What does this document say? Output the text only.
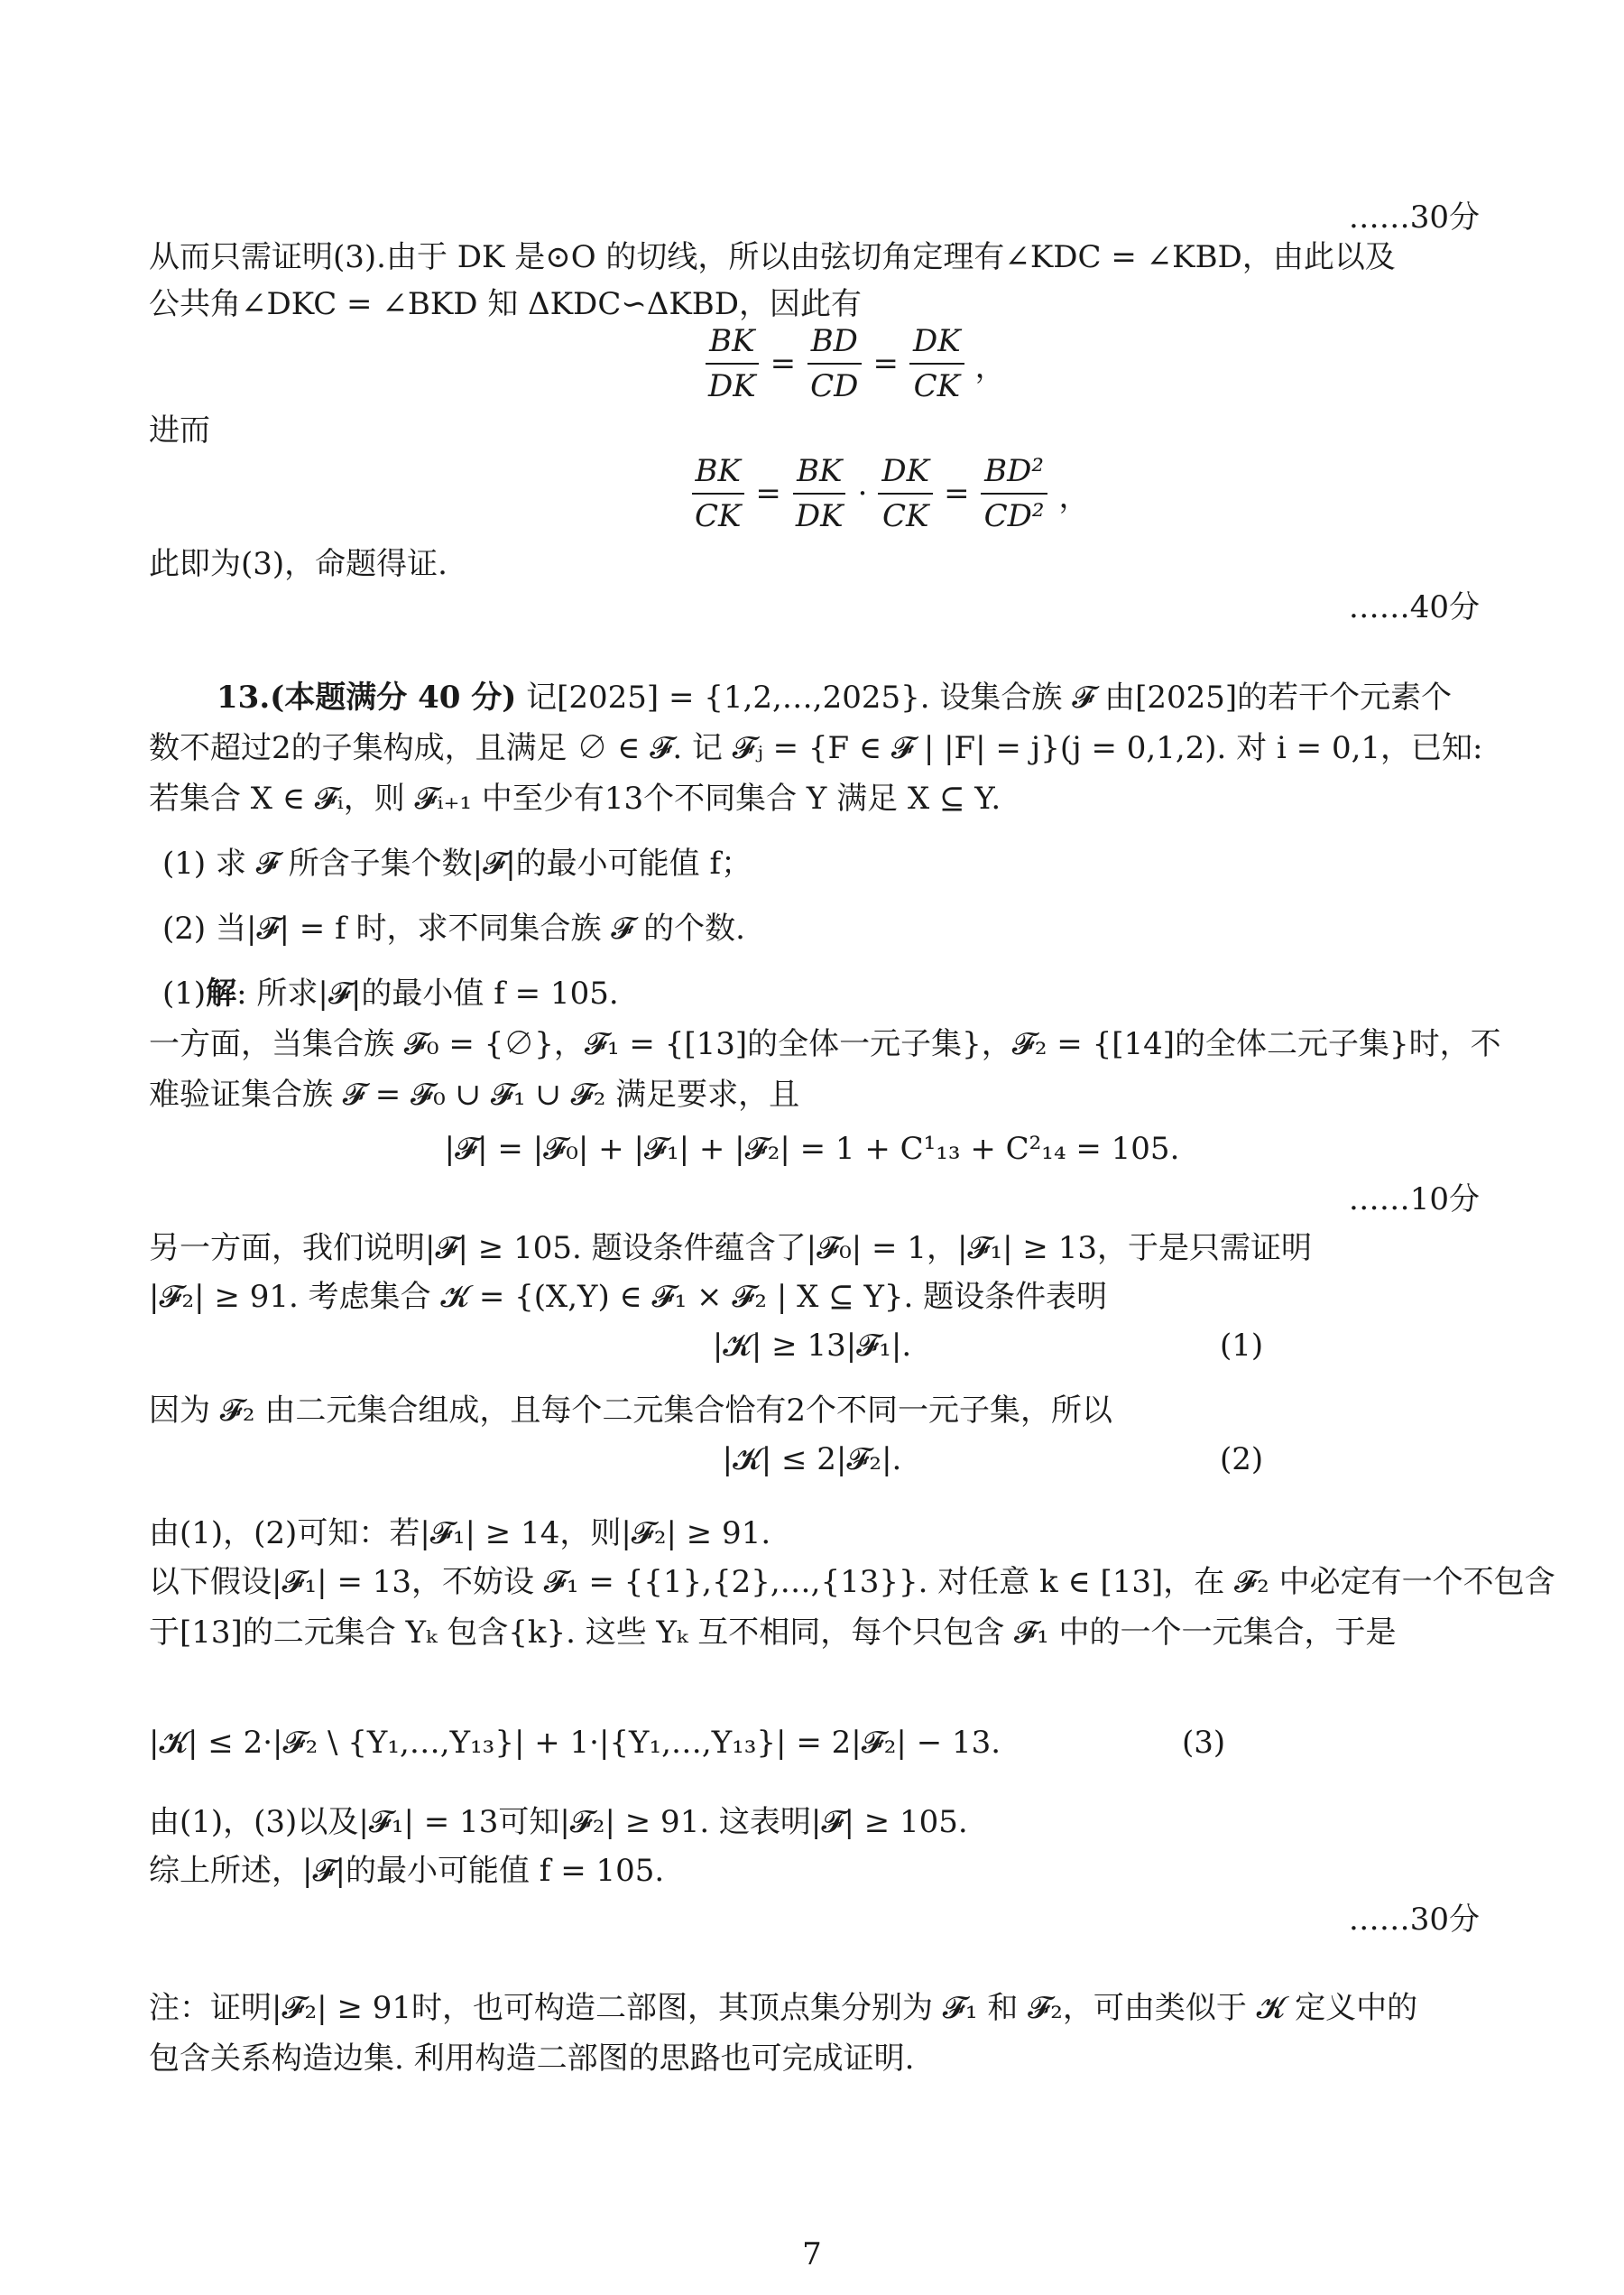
……30分
从而只需证明(3).由于 DK 是⊙O 的切线，所以由弦切角定理有∠KDC = ∠KBD，由此以及
公共角∠DKC = ∠BKD 知 ΔKDC∽ΔKBD，因此有
$\frac{BK}{DK} = \frac{BD}{CD} = \frac{DK}{CK}$ ，
进而
$\frac{BK}{CK} = \frac{BK}{DK} \cdot \frac{DK}{CK} = \frac{\text{BD²}}{\text{CD²}}$ ，
此即为(3)，命题得证.
……40分
13.(本题满分 40 分) 记[2025] = {1,2,…,2025}. 设集合族 𝓕 由[2025]的若干个元素个
数不超过2的子集构成，且满足 ∅ ∈ 𝓕. 记 𝓕ⱼ = {F ∈ 𝓕 | |F| = j}(j = 0,1,2). 对 i = 0,1，已知:
若集合 X ∈ 𝓕ᵢ，则 𝓕ᵢ₊₁ 中至少有13个不同集合 Y 满足 X ⊆ Y.
(1) 求 𝓕 所含子集个数|𝓕|的最小可能值 f；
(2) 当|𝓕| = f 时，求不同集合族 𝓕 的个数.
(1)解: 所求|𝓕|的最小值 f = 105.
一方面，当集合族 𝓕₀ = {∅}，𝓕₁ = {[13]的全体一元子集}，𝓕₂ = {[14]的全体二元子集}时，不
难验证集合族 𝓕 = 𝓕₀ ∪ 𝓕₁ ∪ 𝓕₂ 满足要求，且
|𝓕| = |𝓕₀| + |𝓕₁| + |𝓕₂| = 1 + C¹₁₃ + C²₁₄ = 105.
……10分
另一方面，我们说明|𝓕| ≥ 105. 题设条件蕴含了|𝓕₀| = 1，|𝓕₁| ≥ 13，于是只需证明
|𝓕₂| ≥ 91. 考虑集合 𝓚 = {(X,Y) ∈ 𝓕₁ × 𝓕₂ | X ⊆ Y}. 题设条件表明
|𝓚| ≥ 13|𝓕₁|.	(1)
因为 𝓕₂ 由二元集合组成，且每个二元集合恰有2个不同一元子集，所以
|𝓚| ≤ 2|𝓕₂|.	(2)
由(1)，(2)可知：若|𝓕₁| ≥ 14，则|𝓕₂| ≥ 91.
以下假设|𝓕₁| = 13，不妨设 𝓕₁ = {{1},{2},…,{13}}. 对任意 k ∈ [13]，在 𝓕₂ 中必定有一个不包含
于[13]的二元集合 Yₖ 包含{k}. 这些 Yₖ 互不相同，每个只包含 𝓕₁ 中的一个一元集合，于是
|𝓚| ≤ 2·|𝓕₂ \ {Y₁,…,Y₁₃}| + 1·|{Y₁,…,Y₁₃}| = 2|𝓕₂| − 13.	(3)
由(1)，(3)以及|𝓕₁| = 13可知|𝓕₂| ≥ 91. 这表明|𝓕| ≥ 105.
综上所述，|𝓕|的最小可能值 f = 105.
……30分
注：证明|𝓕₂| ≥ 91时，也可构造二部图，其顶点集分别为 𝓕₁ 和 𝓕₂，可由类似于 𝓚 定义中的
包含关系构造边集. 利用构造二部图的思路也可完成证明.
7
